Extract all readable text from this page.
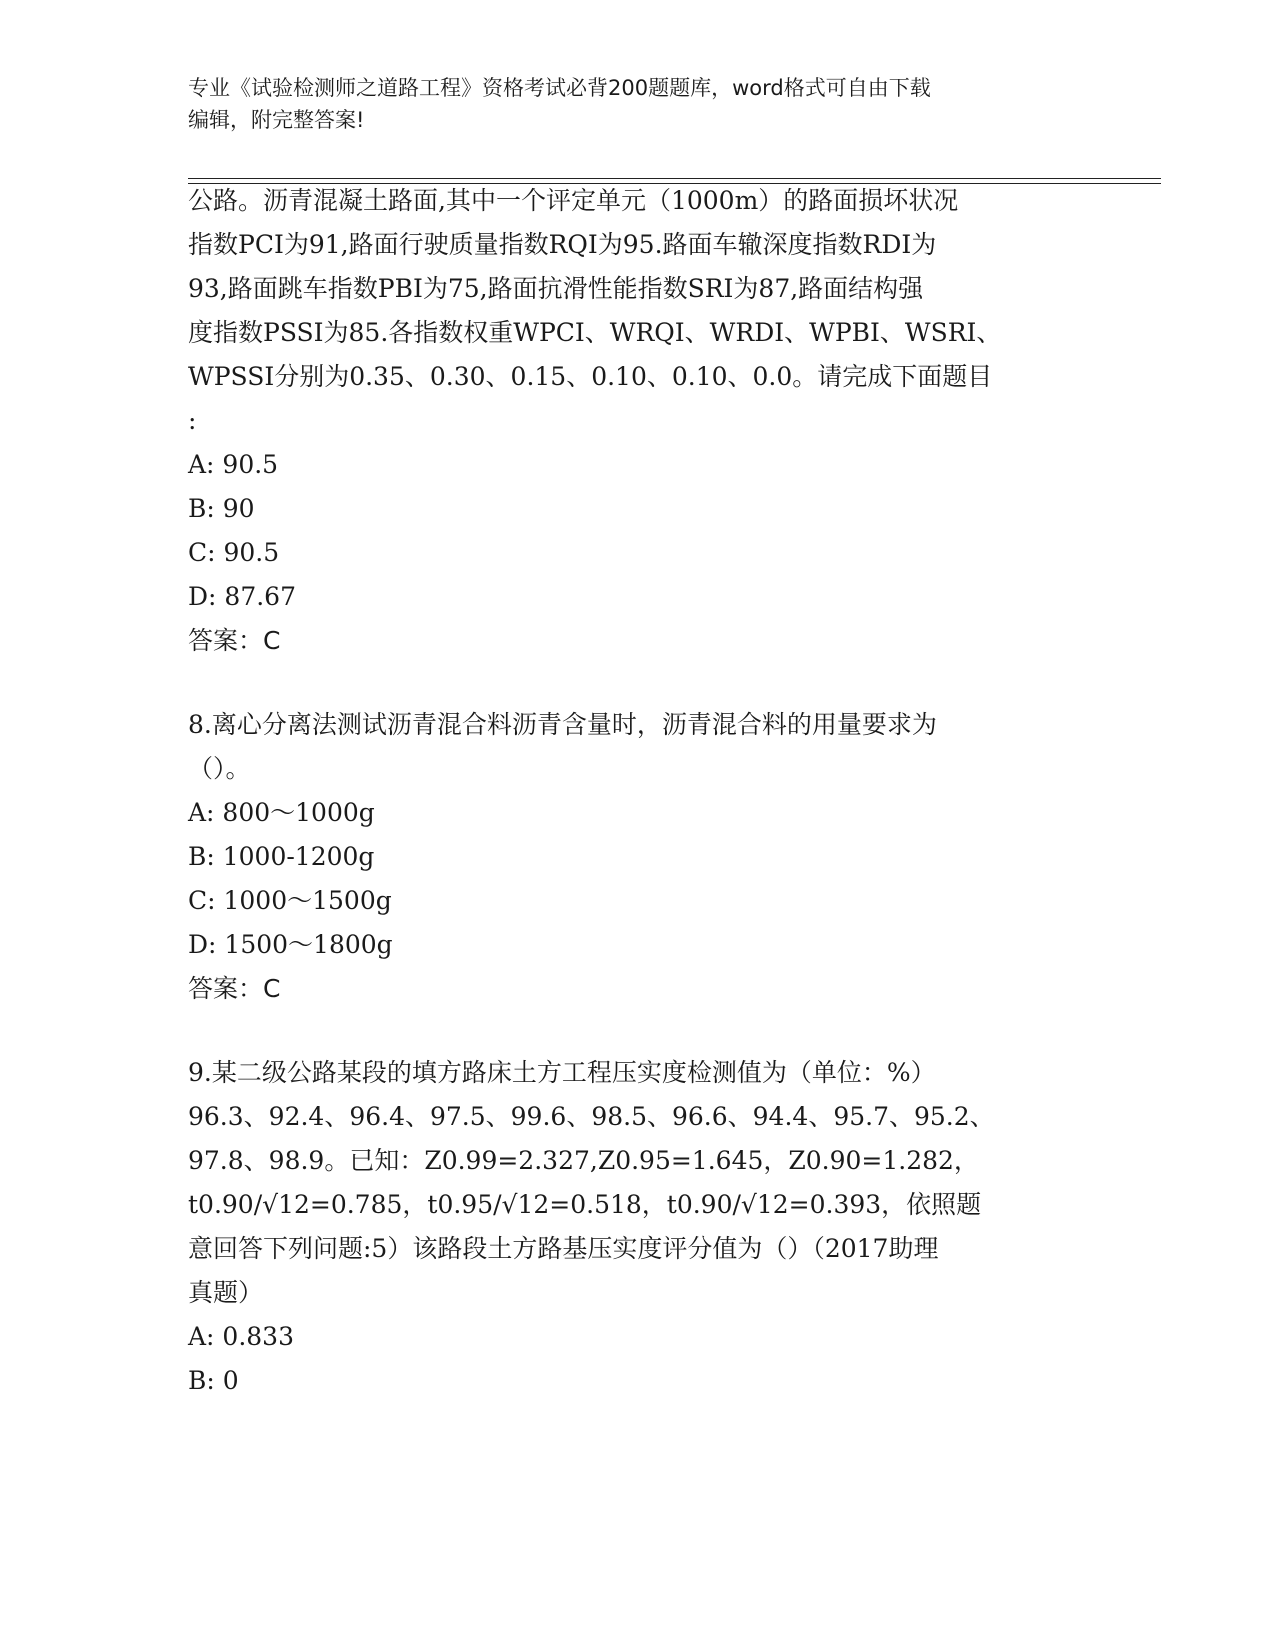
专业《试验检测师之道路工程》资格考试必背200题题库，word格式可自由下载
编辑，附完整答案!
公路。沥青混凝土路面,其中一个评定单元（1000m）的路面损坏状况
指数PCI为91,路面行驶质量指数RQI为95.路面车辙深度指数RDI为
93,路面跳车指数PBI为75,路面抗滑性能指数SRI为87,路面结构强
度指数PSSI为85.各指数权重WPCI、WRQI、WRDI、WPBI、WSRI、
WPSSI分别为0.35、0.30、0.15、0.10、0.10、0.0。请完成下面题目
:
A: 90.5
B: 90
C: 90.5
D: 87.67
答案：C
8.离心分离法测试沥青混合料沥青含量时，沥青混合料的用量要求为
（）。
A: 800～1000g
B: 1000-1200g
C: 1000～1500g
D: 1500～1800g
答案：C
9.某二级公路某段的填方路床土方工程压实度检测值为（单位：%）
96.3、92.4、96.4、97.5、99.6、98.5、96.6、94.4、95.7、95.2、
97.8、98.9。已知：Z0.99=2.327,Z0.95=1.645，Z0.90=1.282，
t0.90/√12=0.785，t0.95/√12=0.518，t0.90/√12=0.393，依照题
意回答下列问题:5）该路段土方路基压实度评分值为（）（2017助理
真题）
A: 0.833
B: 0
